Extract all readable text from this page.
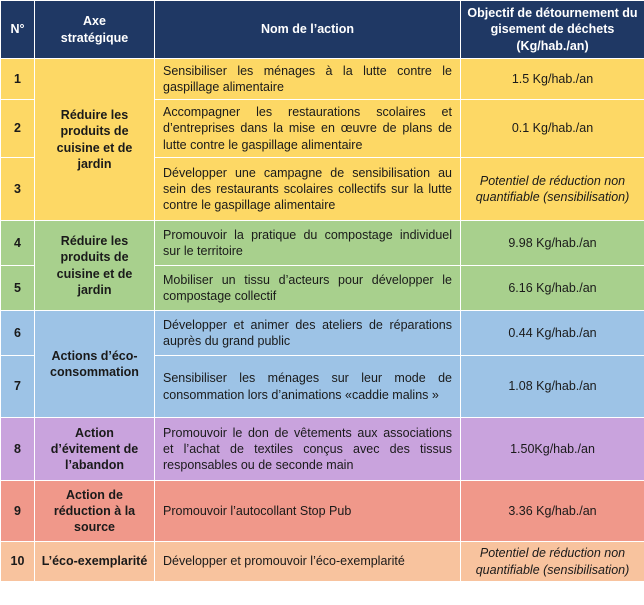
N°	Axe stratégique	Nom de l’action	Objectif de détournement du gisement de déchets (Kg/hab./an)
1	Réduire les produits de cuisine et de jardin	Sensibiliser les ménages à la lutte contre le gaspillage alimentaire	1.5 Kg/hab./an
2		Accompagner les restaurations scolaires et d’entreprises dans la mise en œuvre de plans de lutte contre le gaspillage alimentaire	0.1 Kg/hab./an
3		Développer une campagne de sensibilisation au sein des restaurants scolaires collectifs sur la lutte contre le gaspillage alimentaire	Potentiel de réduction non quantifiable (sensibilisation)
4	Réduire les produits de cuisine et de jardin	Promouvoir la pratique du compostage individuel sur le territoire	9.98 Kg/hab./an
5		Mobiliser un tissu d’acteurs pour développer le compostage collectif	6.16 Kg/hab./an
6	Actions d’éco-consommation	Développer et animer des ateliers de réparations auprès du grand public	0.44 Kg/hab./an
7		Sensibiliser les ménages sur leur mode de consommation lors d’animations «caddie malins »	1.08 Kg/hab./an
8	Action d’évitement de l’abandon	Promouvoir le don de vêtements aux associations et l’achat de textiles conçus avec des tissus responsables ou de seconde main	1.50Kg/hab./an
9	Action de réduction à la source	Promouvoir l’autocollant Stop Pub	3.36 Kg/hab./an
10	L’éco-exemplarité	Développer et promouvoir l’éco-exemplarité	Potentiel de réduction non quantifiable (sensibilisation)
